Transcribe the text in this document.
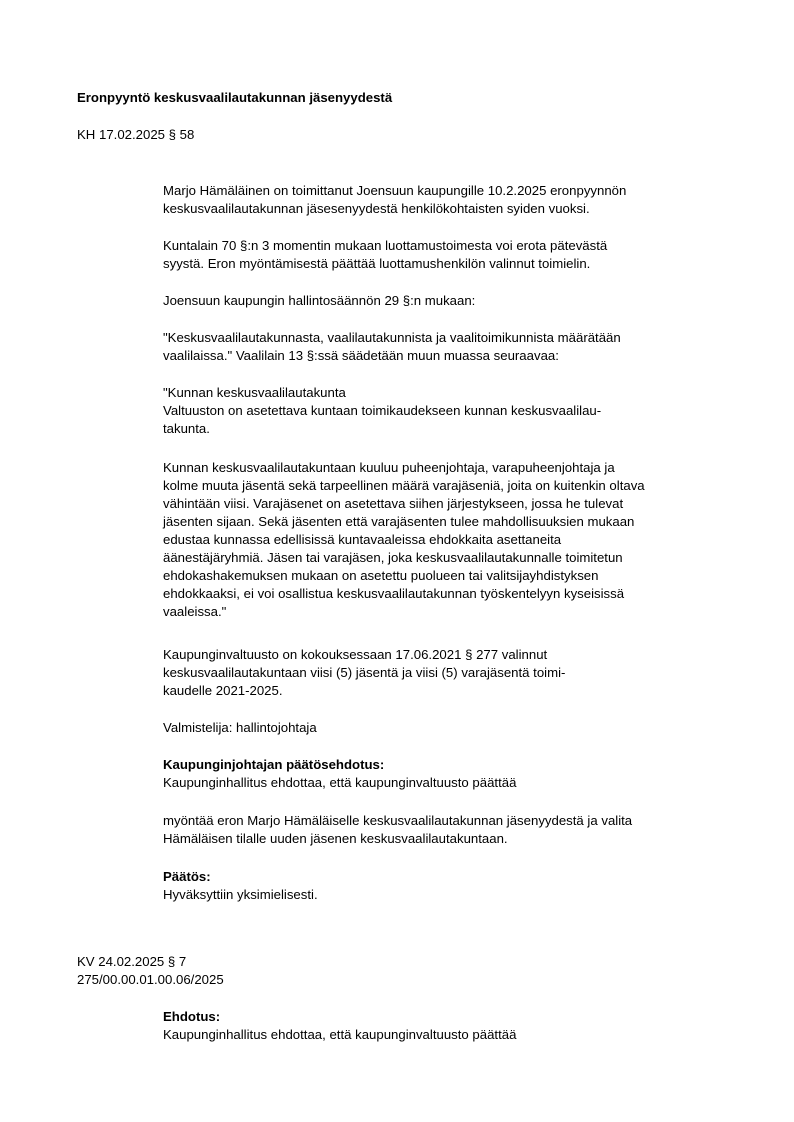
Eronpyyntö keskusvaalilautakunnan jäsenyydestä
KH 17.02.2025 § 58

Marjo Hämäläinen on toimittanut Joensuun kaupungille 10.2.2025 eronpyynnön
keskusvaalilautakunnan jäsesenyydestä henkilökohtaisten syiden vuoksi.

Kuntalain 70 §:n 3 momentin mukaan luottamustoimesta voi erota pätevästä
syystä. Eron myöntämisestä päättää luottamushenkilön valinnut toimielin.

Joensuun kaupungin hallintosäännön 29 §:n mukaan:

"Keskusvaalilautakunnasta, vaalilautakunnista ja vaalitoimikunnista määrätään
vaalilaissa." Vaalilain 13 §:ssä säädetään muun muassa seuraavaa:

"Kunnan keskusvaalilautakunta
Valtuuston on asetettava kuntaan toimikaudekseen kunnan keskusvaalilau-
takunta.

Kunnan keskusvaalilautakuntaan kuuluu puheenjohtaja, varapuheenjohtaja ja
kolme muuta jäsentä sekä tarpeellinen määrä varajäseniä, joita on kuitenkin oltava
vähintään viisi. Varajäsenet on asetettava siihen järjestykseen, jossa he tulevat
jäsenten sijaan. Sekä jäsenten että varajäsenten tulee mahdollisuuksien mukaan
edustaa kunnassa edellisissä kuntavaaleissa ehdokkaita asettaneita
äänestäjäryhmiä. Jäsen tai varajäsen, joka keskusvaalilautakunnalle toimitetun
ehdokashakemuksen mukaan on asetettu puolueen tai valitsijayhdistyksen
ehdokkaaksi, ei voi osallistua keskusvaalilautakunnan työskentelyyn kyseisissä
vaaleissa."

Kaupunginvaltuusto on kokouksessaan 17.06.2021 § 277 valinnut
keskusvaalilautakuntaan viisi (5) jäsentä ja viisi (5) varajäsentä toimi-
kaudelle 2021-2025.

Valmistelija: hallintojohtaja

Kaupunginjohtajan päätösehdotus:

Kaupunginhallitus ehdottaa, että kaupunginvaltuusto päättää

myöntää eron Marjo Hämäläiselle keskusvaalilautakunnan jäsenyydestä ja valita
Hämäläisen tilalle uuden jäsenen keskusvaalilautakuntaan.

Päätös:

Hyväksyttiin yksimielisesti.

KV 24.02.2025 § 7
275/00.00.01.00.06/2025

Ehdotus:

Kaupunginhallitus ehdottaa, että kaupunginvaltuusto päättää
